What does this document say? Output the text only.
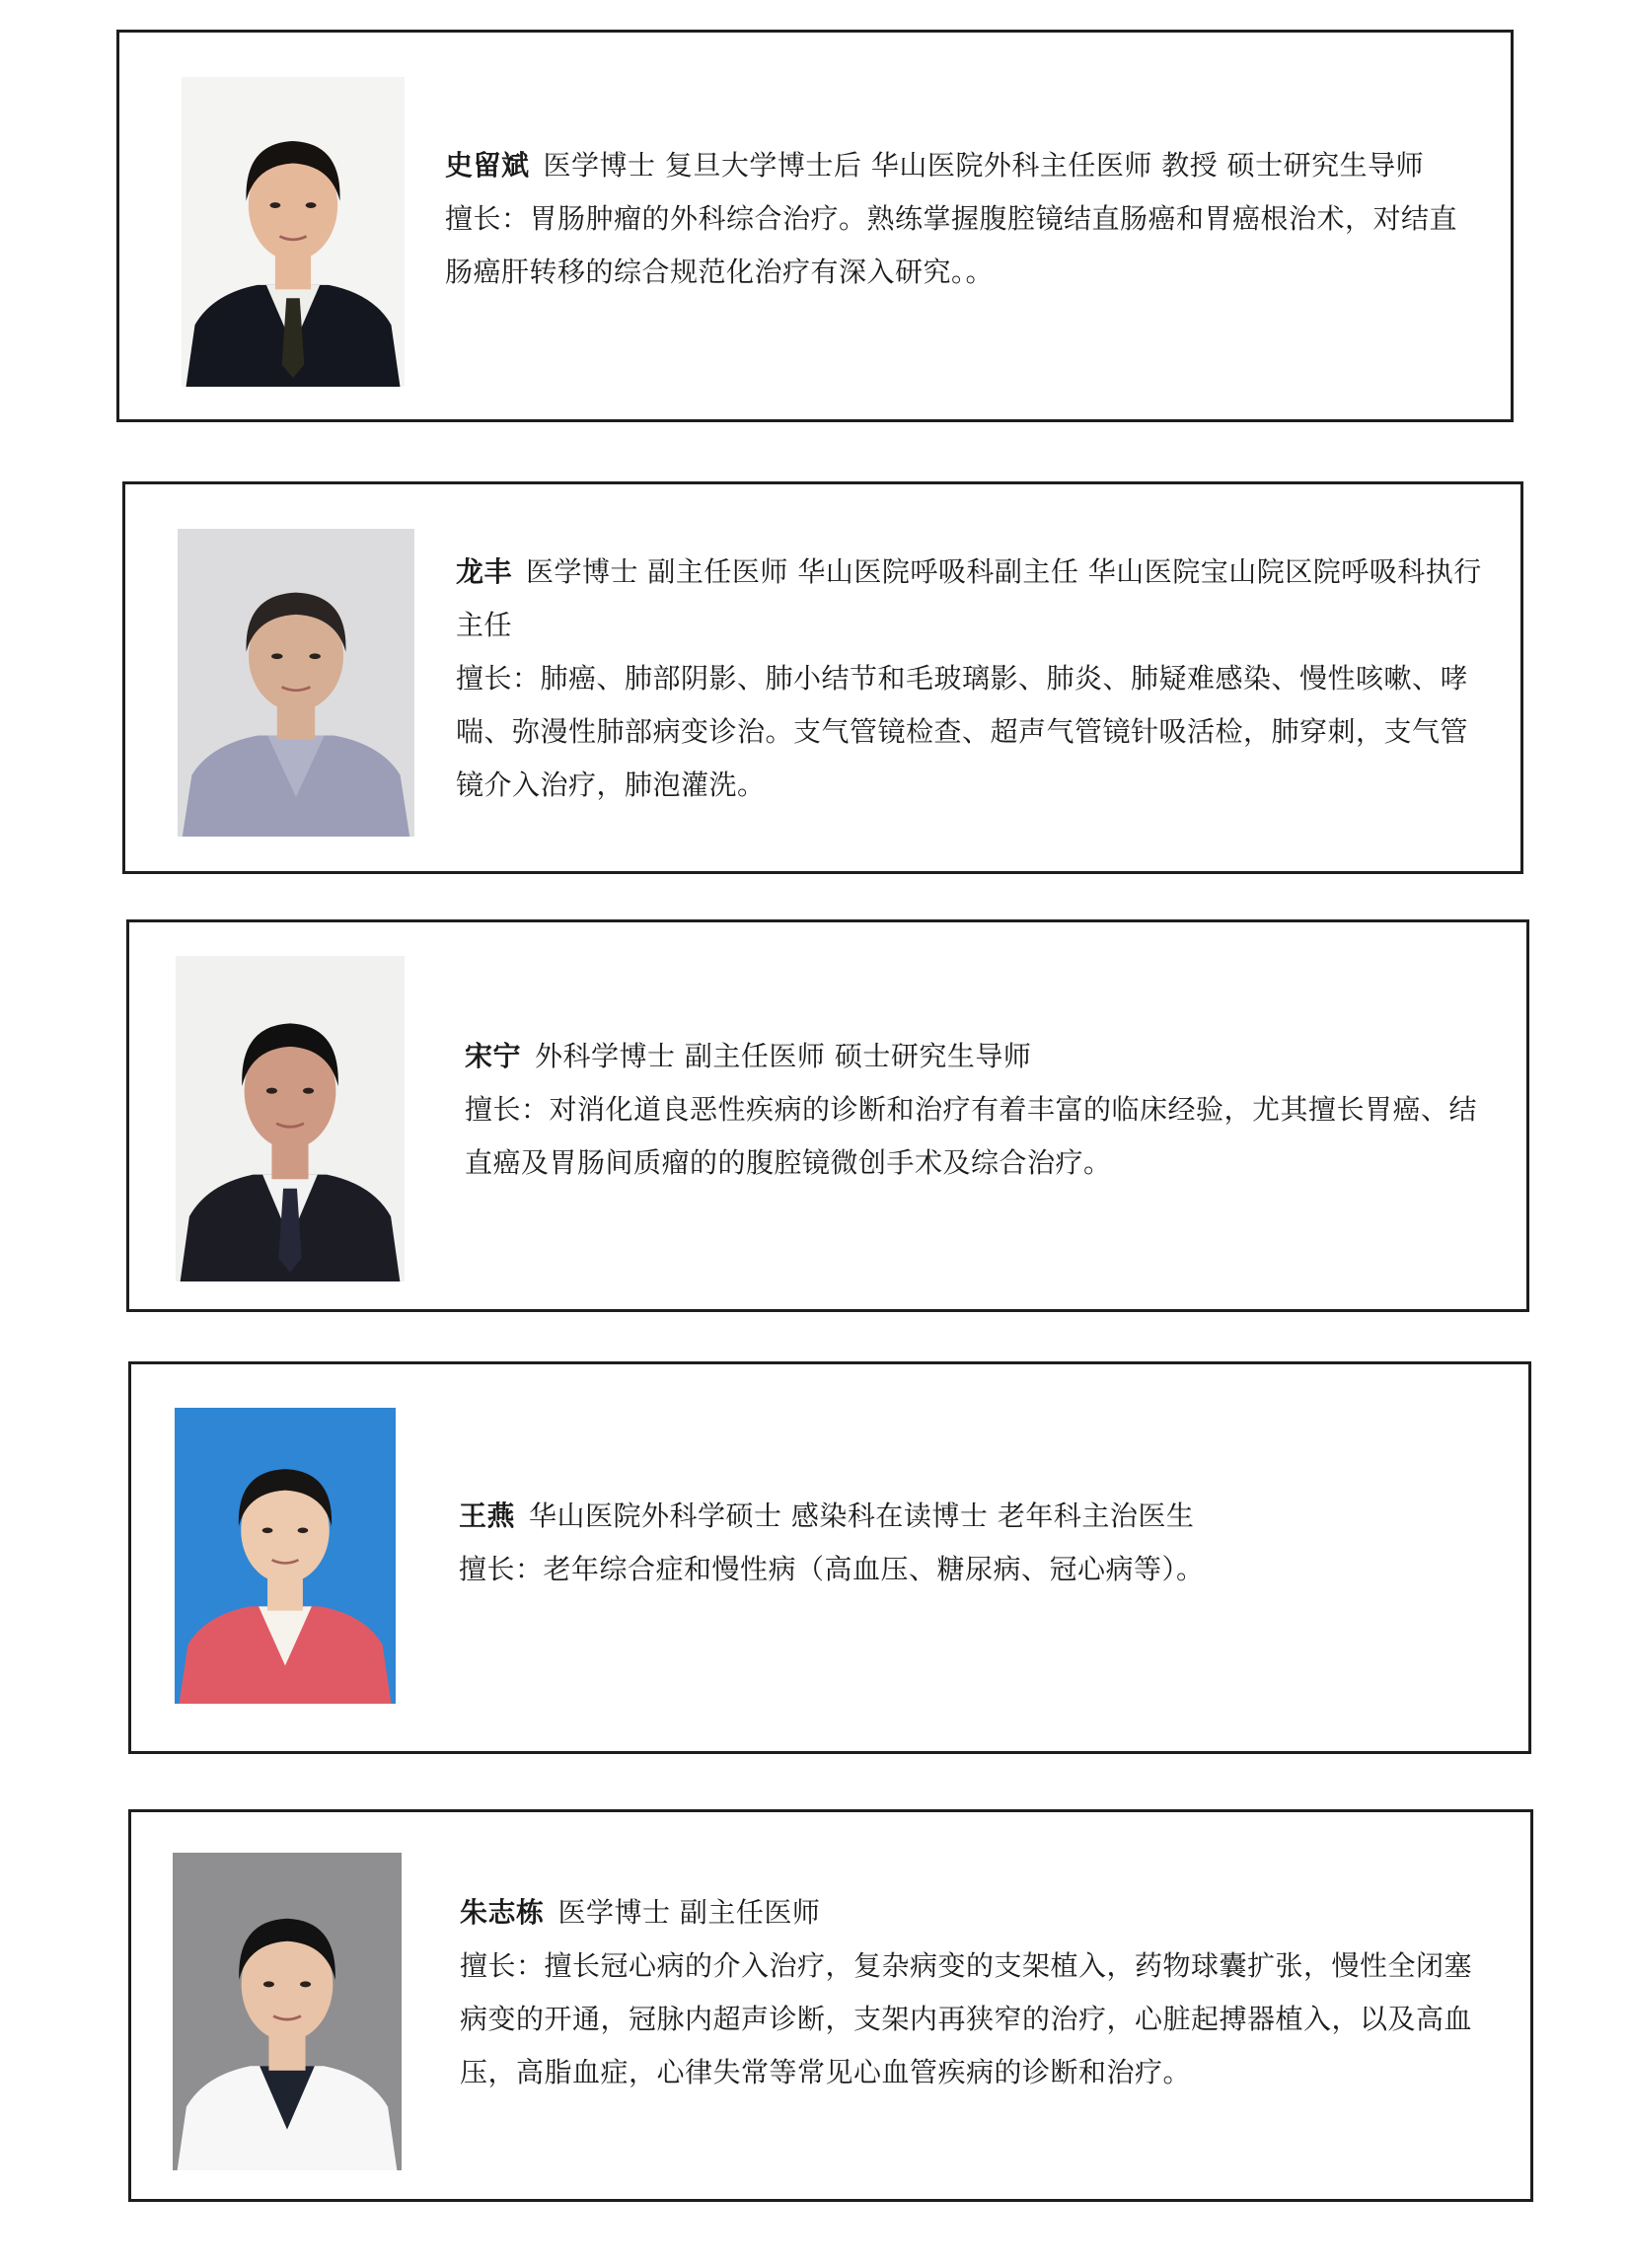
史留斌 医学博士 复旦大学博士后 华山医院外科主任医师 教授 硕士研究生导师

擅长：胃肠肿瘤的外科综合治疗。熟练掌握腹腔镜结直肠癌和胃癌根治术，对结直肠癌肝转移的综合规范化治疗有深入研究。。

龙丰 医学博士 副主任医师 华山医院呼吸科副主任 华山医院宝山院区院呼吸科执行主任

擅长：肺癌、肺部阴影、肺小结节和毛玻璃影、肺炎、肺疑难感染、慢性咳嗽、哮喘、弥漫性肺部病变诊治。支气管镜检查、超声气管镜针吸活检，肺穿刺，支气管镜介入治疗，肺泡灌洗。

宋宁 外科学博士 副主任医师 硕士研究生导师

擅长：对消化道良恶性疾病的诊断和治疗有着丰富的临床经验，尤其擅长胃癌、结直癌及胃肠间质瘤的的腹腔镜微创手术及综合治疗。

王燕 华山医院外科学硕士 感染科在读博士 老年科主治医生

擅长：老年综合症和慢性病（高血压、糖尿病、冠心病等）。

朱志栋 医学博士 副主任医师

擅长：擅长冠心病的介入治疗，复杂病变的支架植入，药物球囊扩张，慢性全闭塞病变的开通，冠脉内超声诊断，支架内再狭窄的治疗，心脏起搏器植入，以及高血压，高脂血症，心律失常等常见心血管疾病的诊断和治疗。
